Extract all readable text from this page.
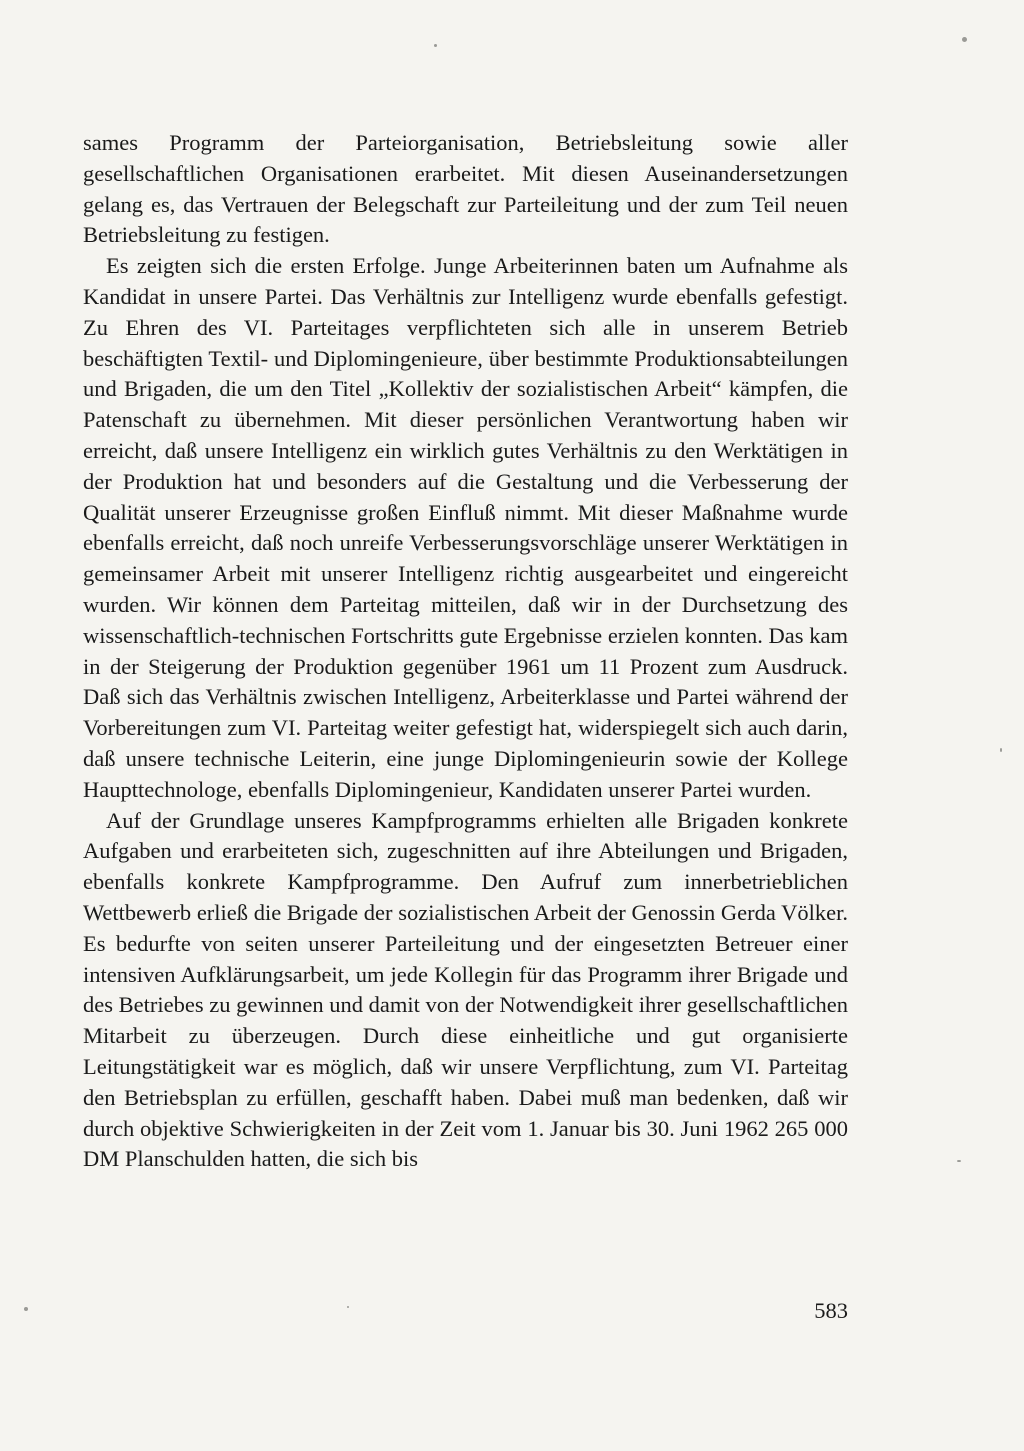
sames Programm der Parteiorganisation, Betriebsleitung sowie aller gesellschaftlichen Organisationen erarbeitet. Mit diesen Auseinandersetzungen gelang es, das Vertrauen der Belegschaft zur Parteileitung und der zum Teil neuen Betriebsleitung zu festigen.

Es zeigten sich die ersten Erfolge. Junge Arbeiterinnen baten um Aufnahme als Kandidat in unsere Partei. Das Verhältnis zur Intelligenz wurde ebenfalls gefestigt. Zu Ehren des VI. Parteitages verpflichteten sich alle in unserem Betrieb beschäftigten Textil- und Diplomingenieure, über bestimmte Produktionsabteilungen und Brigaden, die um den Titel „Kollektiv der sozialistischen Arbeit“ kämpfen, die Patenschaft zu übernehmen. Mit dieser persönlichen Verantwortung haben wir erreicht, daß unsere Intelligenz ein wirklich gutes Verhältnis zu den Werktätigen in der Produktion hat und besonders auf die Gestaltung und die Verbesserung der Qualität unserer Erzeugnisse großen Einfluß nimmt. Mit dieser Maßnahme wurde ebenfalls erreicht, daß noch unreife Verbesserungsvorschläge unserer Werktätigen in gemeinsamer Arbeit mit unserer Intelligenz richtig ausgearbeitet und eingereicht wurden. Wir können dem Parteitag mitteilen, daß wir in der Durchsetzung des wissenschaftlich-technischen Fortschritts gute Ergebnisse erzielen konnten. Das kam in der Steigerung der Produktion gegenüber 1961 um 11 Prozent zum Ausdruck. Daß sich das Verhältnis zwischen Intelligenz, Arbeiterklasse und Partei während der Vorbereitungen zum VI. Parteitag weiter gefestigt hat, widerspiegelt sich auch darin, daß unsere technische Leiterin, eine junge Diplomingenieurin sowie der Kollege Haupttechnologe, ebenfalls Diplomingenieur, Kandidaten unserer Partei wurden.

Auf der Grundlage unseres Kampfprogramms erhielten alle Brigaden konkrete Aufgaben und erarbeiteten sich, zugeschnitten auf ihre Abteilungen und Brigaden, ebenfalls konkrete Kampfprogramme. Den Aufruf zum innerbetrieblichen Wettbewerb erließ die Brigade der sozialistischen Arbeit der Genossin Gerda Völker. Es bedurfte von seiten unserer Parteileitung und der eingesetzten Betreuer einer intensiven Aufklärungsarbeit, um jede Kollegin für das Programm ihrer Brigade und des Betriebes zu gewinnen und damit von der Notwendigkeit ihrer gesellschaftlichen Mitarbeit zu überzeugen. Durch diese einheitliche und gut organisierte Leitungstätigkeit war es möglich, daß wir unsere Verpflichtung, zum VI. Parteitag den Betriebsplan zu erfüllen, geschafft haben. Dabei muß man bedenken, daß wir durch objektive Schwierigkeiten in der Zeit vom 1. Januar bis 30. Juni 1962 265 000 DM Planschulden hatten, die sich bis

583
